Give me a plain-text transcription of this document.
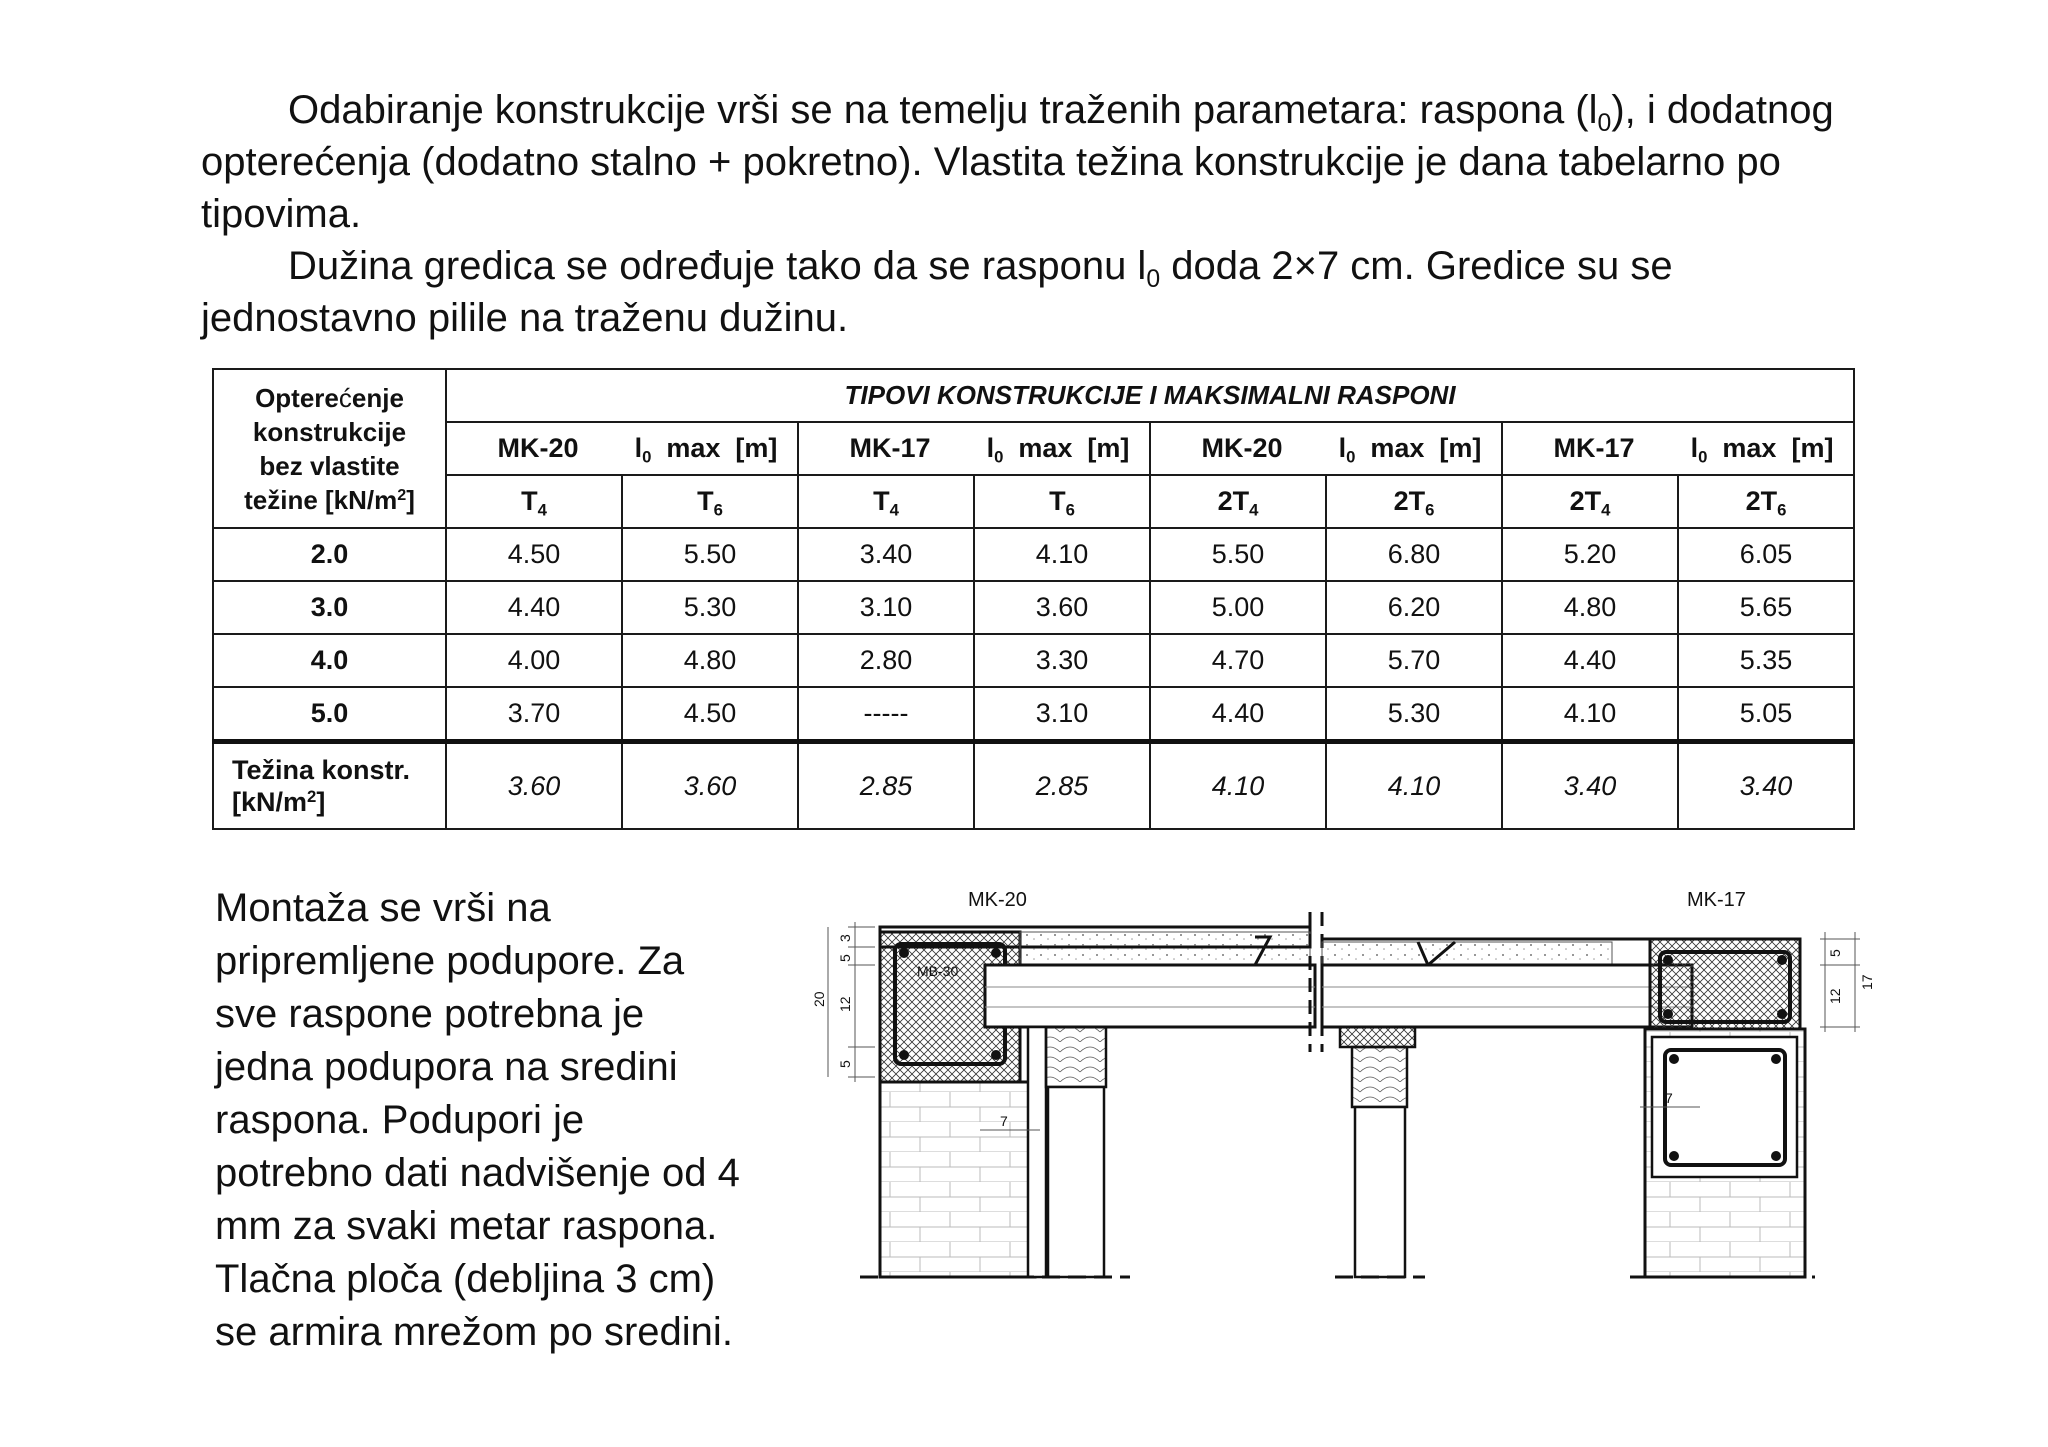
Odabiranje konstrukcije vrši se na temelju traženih parametara: raspona $(l_0)$, i dodatnog opterećenja (dodatno stalno + pokretno). Vlastita težina konstrukcije je dana tabelarno po tipovima.

Dužina gredica se određuje tako da se rasponu $l_0$ doda 2×7 cm. Gredice su se jednostavno pilile na traženu dužinu.

Opterećenje
konstrukcije
bez vlastite
težine $[kN/m^2]$	TIPOVI KONSTRUKCIJE I MAKSIMALNI RASPONI							
	MK-20 $l_0$  max  [m]		MK-17 $l_0$  max  [m]		MK-20 $l_0$  max  [m]		MK-17 $l_0$  max  [m]	
	$T_4$	$T_6$	$T_4$	$T_6$	$2T_4$	$2T_6$	$2T_4$	$2T_6$
2.0	4.50	5.50	3.40	4.10	5.50	6.80	5.20	6.05
3.0	4.40	5.30	3.10	3.60	5.00	6.20	4.80	5.65
4.0	4.00	4.80	2.80	3.30	4.70	5.70	4.40	5.35
5.0	3.70	4.50	-----	3.10	4.40	5.30	4.10	5.05
Težina konstr.
$[kN/m^2]$	3.60	3.60	2.85	2.85	4.10	4.10	3.40	3.40
Montaža se vrši na
pripremljene podupore. Za
sve raspone potrebna je
jedna podupora na sredini
raspona. Podupori je
potrebno dati nadvišenje od 4
mm za svaki metar raspona.
Tlačna ploča (debljina 3 cm)
se armira mrežom po sredini.
MK-20	MK-17
MB-30
20
3
5
12
5
7
7
5
12
17
